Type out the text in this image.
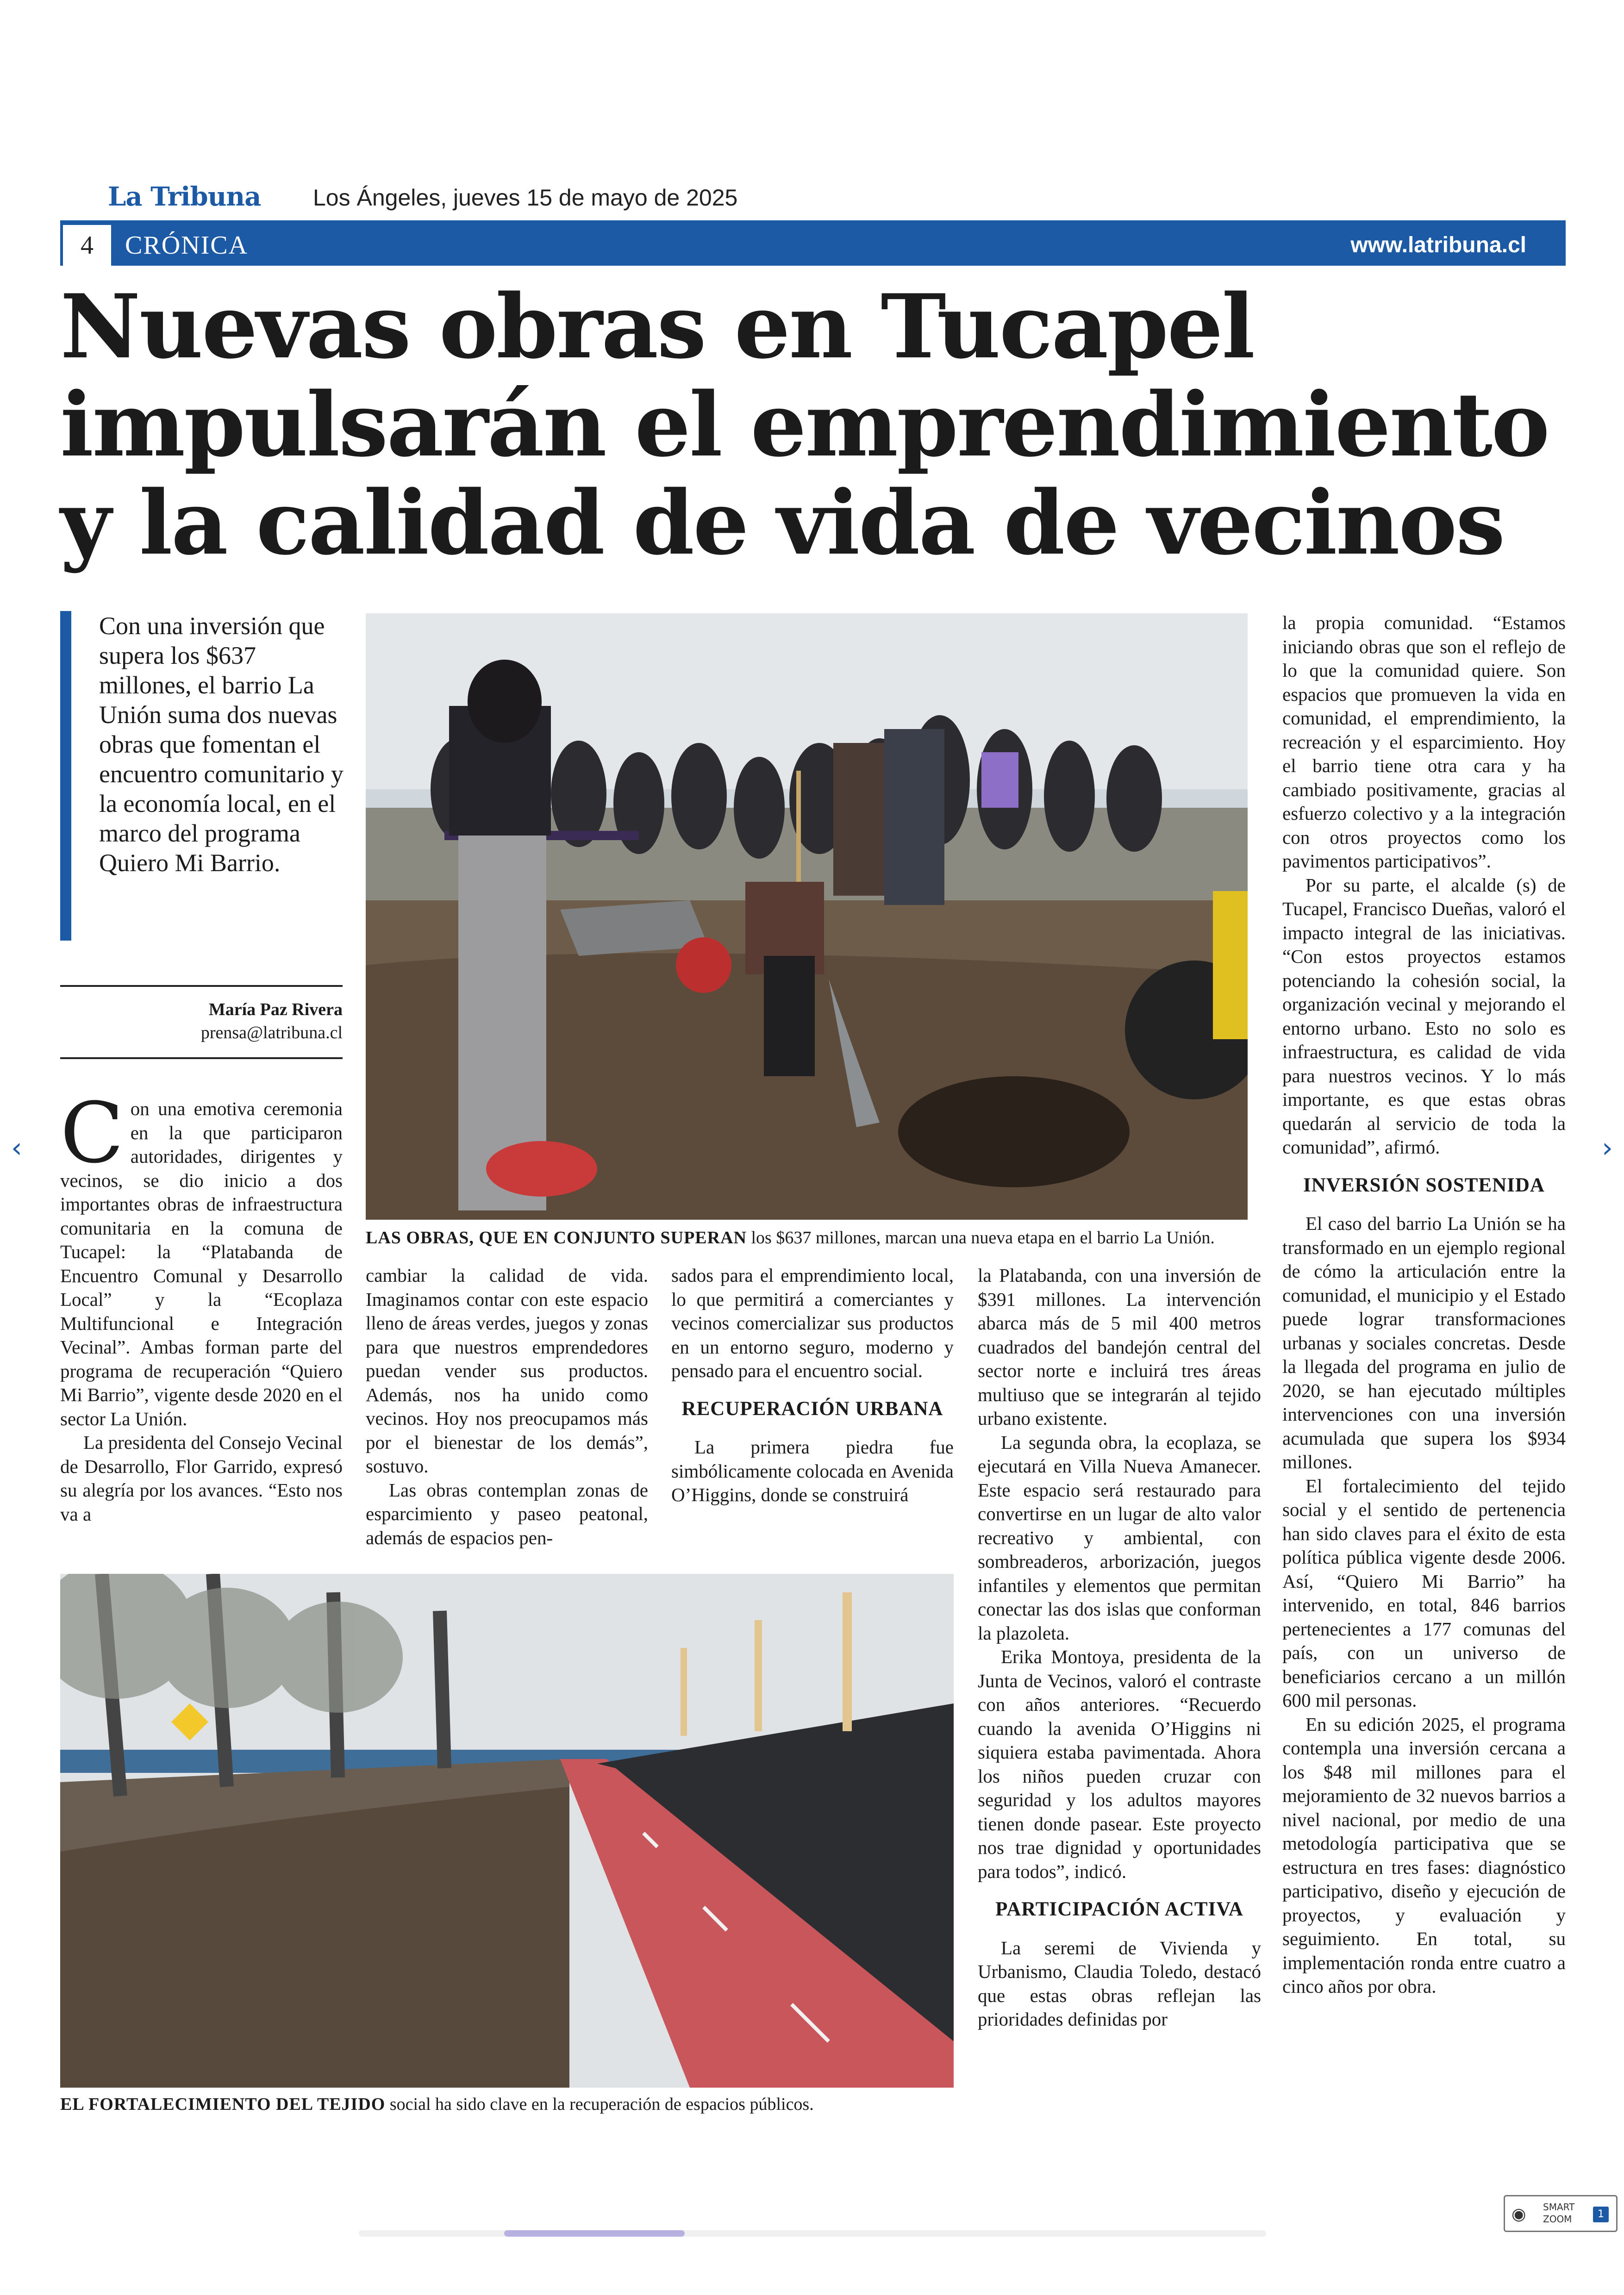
La Tribuna Los Ángeles, jueves 15 de mayo de 2025
4	CRÓNICA	www.latribuna.cl
Nuevas obras en Tucapel impulsarán el emprendimiento y la calidad de vida de vecinos
Con una inversión que supera los $637 millones, el barrio La Unión suma dos nuevas obras que fomentan el encuentro comunitario y la economía local, en el marco del programa Quiero Mi Barrio.
María Paz Rivera
prensa@latribuna.cl

Con una emotiva ceremonia en la que participaron autoridades, dirigentes y vecinos, se dio inicio a dos importantes obras de infraestructura comunitaria en la comuna de Tucapel: la “Platabanda de Encuentro Comunal y Desarrollo Local” y la “Ecoplaza Multifuncional e Integración Vecinal”. Ambas forman parte del programa de recuperación “Quiero Mi Barrio”, vigente desde 2020 en el sector La Unión.

La presidenta del Consejo Vecinal de Desarrollo, Flor Garrido, expresó su alegría por los avances. “Esto nos va a

LAS OBRAS, QUE EN CONJUNTO SUPERAN los $637 millones, marcan una nueva etapa en el barrio La Unión.

cambiar la calidad de vida. Imaginamos contar con este espacio lleno de áreas verdes, juegos y zonas para que nuestros emprendedores puedan vender sus productos. Además, nos ha unido como vecinos. Hoy nos preocupamos más por el bienestar de los demás”, sostuvo.

Las obras contemplan zonas de esparcimiento y paseo peatonal, además de espacios pen-

sados para el emprendimiento local, lo que permitirá a comerciantes y vecinos comercializar sus productos en un entorno seguro, moderno y pensado para el encuentro social.

RECUPERACIÓN URBANA

La primera piedra fue simbólicamente colocada en Avenida O’Higgins, donde se construirá

EL FORTALECIMIENTO DEL TEJIDO social ha sido clave en la recuperación de espacios públicos.

la Platabanda, con una inversión de $391 millones. La intervención abarca más de 5 mil 400 metros cuadrados del bandejón central del sector norte e incluirá tres áreas multiuso que se integrarán al tejido urbano existente.

La segunda obra, la ecoplaza, se ejecutará en Villa Nueva Amanecer. Este espacio será restaurado para convertirse en un lugar de alto valor recreativo y ambiental, con sombreaderos, arborización, juegos infantiles y elementos que permitan conectar las dos islas que conforman la plazoleta.

Erika Montoya, presidenta de la Junta de Vecinos, valoró el contraste con años anteriores. “Recuerdo cuando la avenida O’Higgins ni siquiera estaba pavimentada. Ahora los niños pueden cruzar con seguridad y los adultos mayores tienen donde pasear. Este proyecto nos trae dignidad y oportunidades para todos”, indicó.

PARTICIPACIÓN ACTIVA

La seremi de Vivienda y Urbanismo, Claudia Toledo, destacó que estas obras reflejan las prioridades definidas por

la propia comunidad. “Estamos iniciando obras que son el reflejo de lo que la comunidad quiere. Son espacios que promueven la vida en comunidad, el emprendimiento, la recreación y el esparcimiento. Hoy el barrio tiene otra cara y ha cambiado positivamente, gracias al esfuerzo colectivo y a la integración con otros proyectos como los pavimentos participativos”.

Por su parte, el alcalde (s) de Tucapel, Francisco Dueñas, valoró el impacto integral de las iniciativas. “Con estos proyectos estamos potenciando la cohesión social, la organización vecinal y mejorando el entorno urbano. Esto no solo es infraestructura, es calidad de vida para nuestros vecinos. Y lo más importante, es que estas obras quedarán al servicio de toda la comunidad”, afirmó.

INVERSIÓN SOSTENIDA

El caso del barrio La Unión se ha transformado en un ejemplo regional de cómo la articulación entre la comunidad, el municipio y el Estado puede lograr transformaciones urbanas y sociales concretas. Desde la llegada del programa en julio de 2020, se han ejecutado múltiples intervenciones con una inversión acumulada que supera los $934 millones.

El fortalecimiento del tejido social y el sentido de pertenencia han sido claves para el éxito de esta política pública vigente desde 2006. Así, “Quiero Mi Barrio” ha intervenido, en total, 846 barrios pertenecientes a 177 comunas del país, con un universo de beneficiarios cercano a un millón 600 mil personas.

En su edición 2025, el programa contempla una inversión cercana a los $48 mil millones para el mejoramiento de 32 nuevos barrios a nivel nacional, por medio de una metodología participativa que se estructura en tres fases: diagnóstico participativo, diseño y ejecución de proyectos, y evaluación y seguimiento. En total, su implementación ronda entre cuatro a cinco años por obra.

‹	›
◉ SMART
ZOOM	1
